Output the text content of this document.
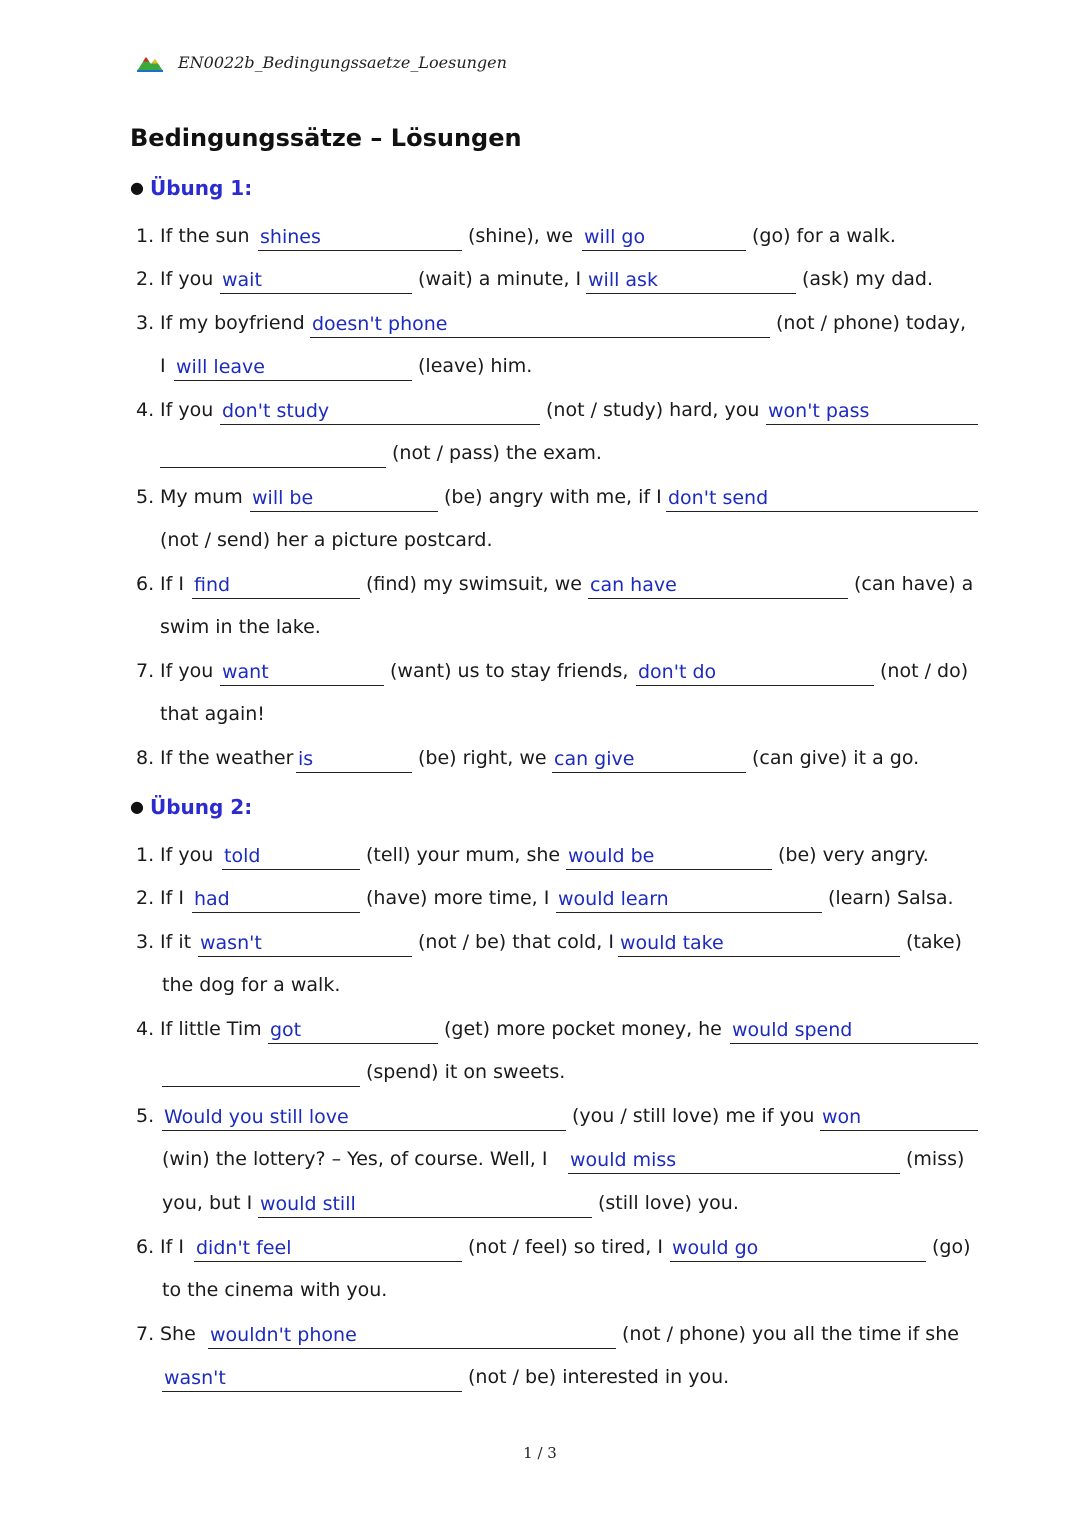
EN0022b_Bedingungssaetze_Loesungen
Bedingungssätze – Lösungen
● Übung 1:
1. If the sun shines	(shine), we will go	(go) for a walk.
2. If you wait	(wait) a minute, I will ask	(ask) my dad.
3. If my boyfriend doesn't phone	(not / phone) today,
I will leave	(leave) him.
4. If you don't study	(not / study) hard, you won't pass
(not / pass) the exam.
5. My mum will be	(be) angry with me, if I don't send
(not / send) her a picture postcard.
6. If I find	(find) my swimsuit, we can have	(can have) a
swim in the lake.
7. If you want	(want) us to stay friends, don't do	(not / do)
that again!
8. If the weather is	(be) right, we can give	(can give) it a go.
● Übung 2:
1. If you told	(tell) your mum, she would be	(be) very angry.
2. If I had	(have) more time, I would learn	(learn) Salsa.
3. If it wasn't	(not / be) that cold, I would take	(take)
the dog for a walk.
4. If little Tim got	(get) more pocket money, he would spend
(spend) it on sweets.
5. Would you still love	(you / still love) me if you won
(win) the lottery? – Yes, of course. Well, I would miss	(miss)
you, but I would still	(still love) you.
6. If I didn't feel	(not / feel) so tired, I would go	(go)
to the cinema with you.
7. She wouldn't phone	(not / phone) you all the time if she
wasn't	(not / be) interested in you.
1 / 3
